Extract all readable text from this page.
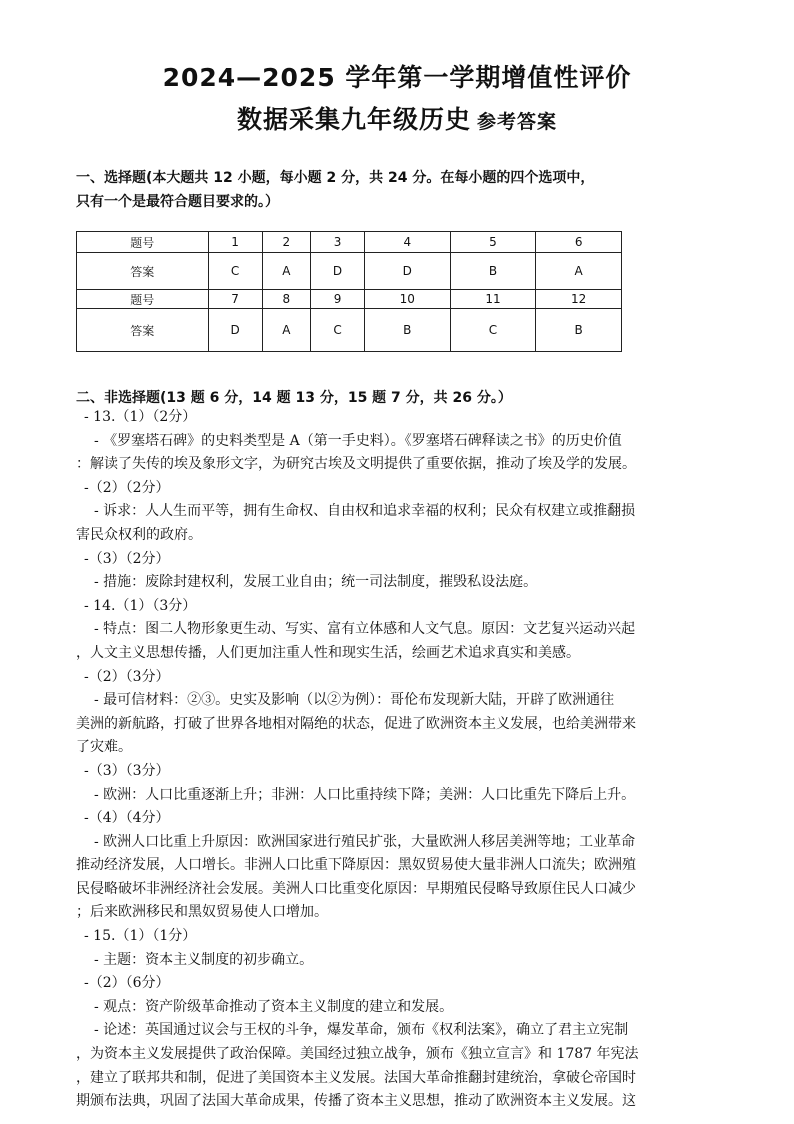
2024—2025 学年第一学期增值性评价
数据采集九年级历史 参考答案
一、选择题(本大题共 12 小题，每小题 2 分，共 24 分。在每小题的四个选项中，
只有一个是最符合题目要求的。）
题号	1	2	3	4	5	6
答案	C	A	D	D	B	A
题号	7	8	9	10	11	12
答案	D	A	C	B	C	B
二、非选择题(13 题 6 分，14 题 13 分，15 题 7 分，共 26 分。）
- 13.（1）（2分）
- 《罗塞塔石碑》的史料类型是 A（第一手史料）。《罗塞塔石碑释读之书》的历史价值
：解读了失传的埃及象形文字，为研究古埃及文明提供了重要依据，推动了埃及学的发展。
-（2）（2分）
- 诉求：人人生而平等，拥有生命权、自由权和追求幸福的权利；民众有权建立或推翻损
害民众权利的政府。
-（3）（2分）
- 措施：废除封建权利，发展工业自由；统一司法制度，摧毁私设法庭。
- 14.（1）（3分）
- 特点：图二人物形象更生动、写实、富有立体感和人文气息。原因：文艺复兴运动兴起
，人文主义思想传播，人们更加注重人性和现实生活，绘画艺术追求真实和美感。
-（2）（3分）
- 最可信材料：②③。史实及影响（以②为例）：哥伦布发现新大陆，开辟了欧洲通往
美洲的新航路，打破了世界各地相对隔绝的状态，促进了欧洲资本主义发展，也给美洲带来
了灾难。
-（3）（3分）
- 欧洲：人口比重逐渐上升；非洲：人口比重持续下降；美洲：人口比重先下降后上升。
-（4）（4分）
- 欧洲人口比重上升原因：欧洲国家进行殖民扩张，大量欧洲人移居美洲等地；工业革命
推动经济发展，人口增长。非洲人口比重下降原因：黑奴贸易使大量非洲人口流失；欧洲殖
民侵略破坏非洲经济社会发展。美洲人口比重变化原因：早期殖民侵略导致原住民人口减少
；后来欧洲移民和黑奴贸易使人口增加。
- 15.（1）（1分）
- 主题：资本主义制度的初步确立。
-（2）（6分）
- 观点：资产阶级革命推动了资本主义制度的建立和发展。
- 论述：英国通过议会与王权的斗争，爆发革命，颁布《权利法案》，确立了君主立宪制
，为资本主义发展提供了政治保障。美国经过独立战争，颁布《独立宣言》和 1787 年宪法
，建立了联邦共和制，促进了美国资本主义发展。法国大革命推翻封建统治，拿破仑帝国时
期颁布法典，巩固了法国大革命成果，传播了资本主义思想，推动了欧洲资本主义发展。这
